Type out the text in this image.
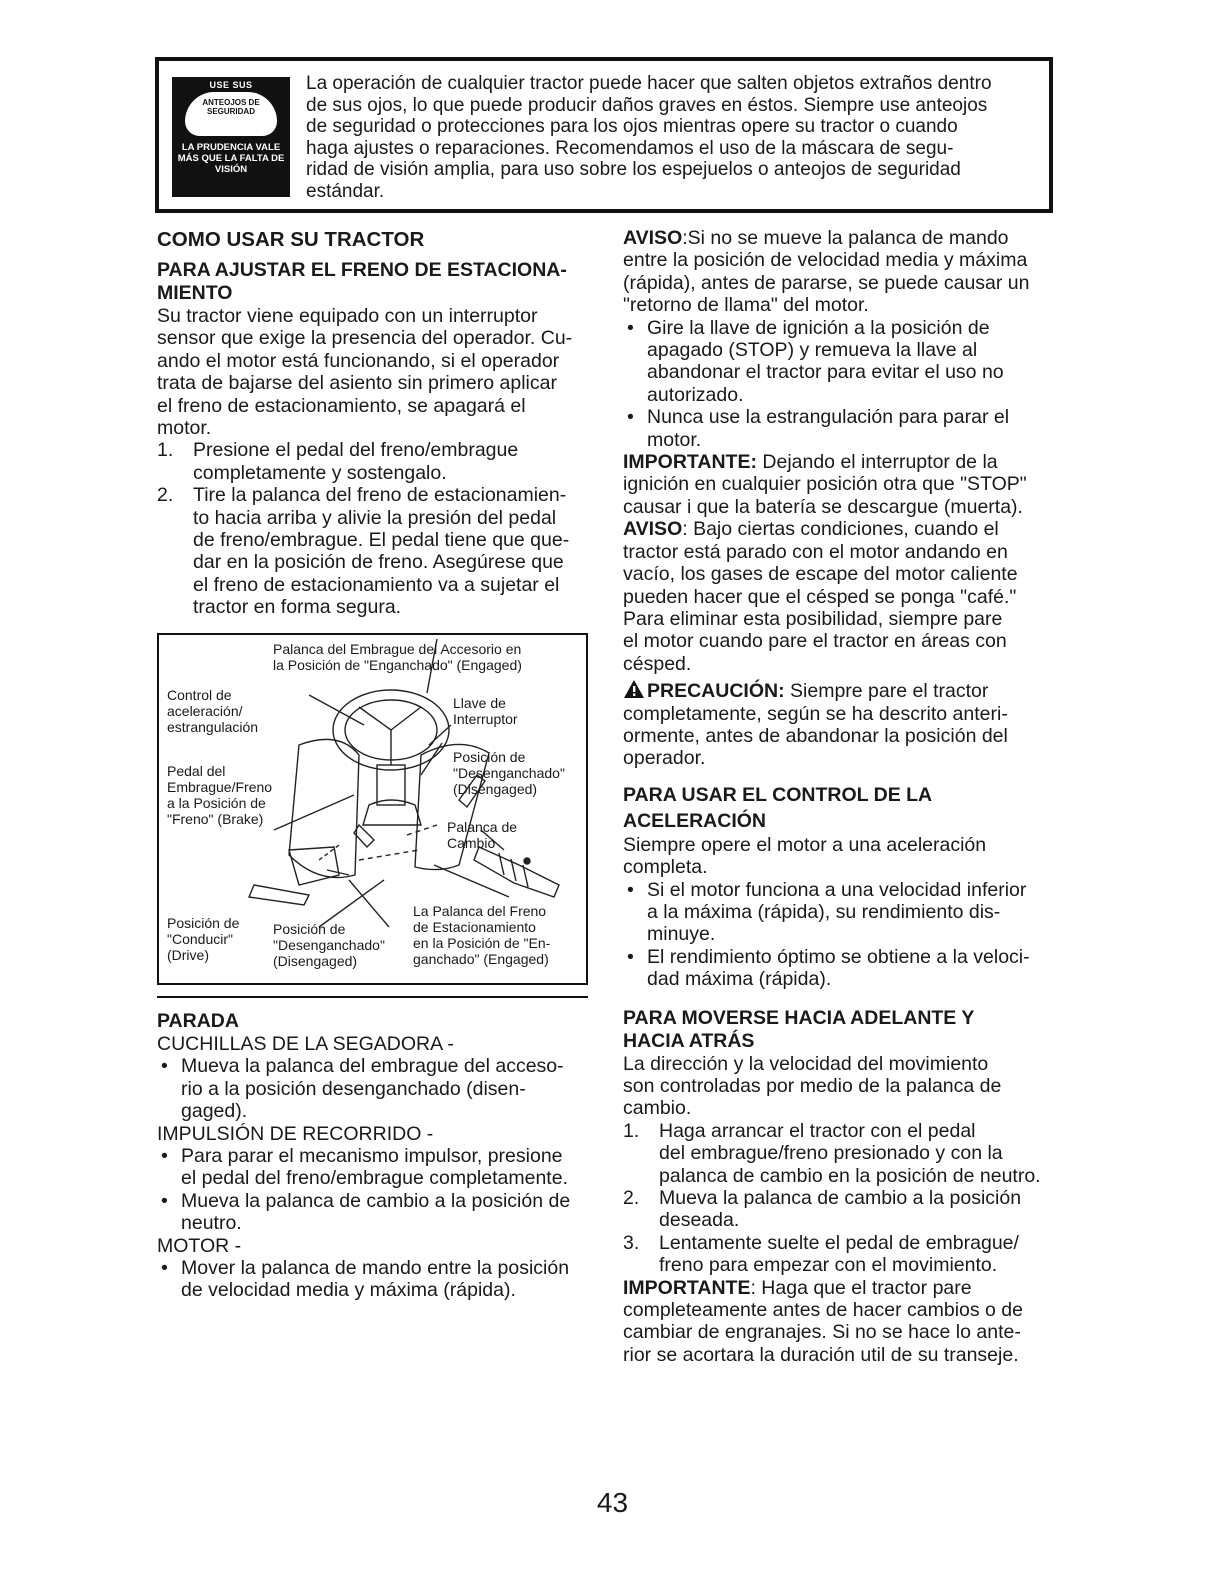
USE SUS
ANTEOJOS DE SEGURIDAD
LA PRUDENCIA VALE MÁS QUE LA FALTA DE VISIÓN
La operación de cualquier tractor puede hacer que salten objetos extraños dentro
de sus ojos, lo que puede producir daños graves en éstos. Siempre use anteojos
de seguridad o protecciones para los ojos mientras opere su tractor o cuando
haga ajustes o reparaciones. Recomendamos el uso de la máscara de segu-
ridad de visión amplia, para uso sobre los espejuelos o anteojos de seguridad
estándar.
COMO USAR SU TRACTOR
PARA AJUSTAR EL FRENO DE ESTACIONA-
MIENTO
Su tractor viene equipado con un interruptor
sensor que exige la presencia del operador. Cu-
ando el motor está funcionando, si el operador
trata de bajarse del asiento sin primero aplicar
el freno de estacionamiento, se apagará el
motor.
1. Presione el pedal del freno/embrague
completamente y sostengalo.
2. Tire la palanca del freno de estacionamien-
to hacia arriba y alivie la presión del pedal
de freno/embrague. El pedal tiene que que-
dar en la posición de freno. Asegúrese que
el freno de estacionamiento va a sujetar el
tractor en forma segura.
Palanca del Embrague del Accesorio en
la Posición de "Enganchado" (Engaged)
Control de
aceleración/
estrangulación
Llave de
Interruptor
Posición de
"Desenganchado"
(Disengaged)
Pedal del
Embrague/Freno
a la Posición de
"Freno" (Brake)	Palanca de
Cambio
La Palanca del Freno
de Estacionamiento
en la Posición de "En-
ganchado" (Engaged)
Posición de
"Conducir"
(Drive)
Posición de
"Desenganchado"
(Disengaged)
PARADA
CUCHILLAS DE LA SEGADORA -
• Mueva la palanca del embrague del acceso-
rio a la posición desenganchado (disen-
gaged).
IMPULSIÓN DE RECORRIDO -
• Para parar el mecanismo impulsor, presione
el pedal del freno/embrague completamente.
• Mueva la palanca de cambio a la posición de
neutro.
MOTOR -
• Mover la palanca de mando entre la posición
de velocidad media y máxima (rápida).
AVISO:Si no se mueve la palanca de mando
entre la posición de velocidad media y máxima
(rápida), antes de pararse, se puede causar un
"retorno de llama" del motor.
• Gire la llave de ignición a la posición de
apagado (STOP) y remueva la llave al
abandonar el tractor para evitar el uso no
autorizado.
• Nunca use la estrangulación para parar el
motor.
IMPORTANTE: Dejando el interruptor de la
ignición en cualquier posición otra que "STOP"
causar i que la batería se descargue (muerta).
AVISO: Bajo ciertas condiciones, cuando el
tractor está parado con el motor andando en
vacío, los gases de escape del motor caliente
pueden hacer que el césped se ponga "café."
Para eliminar esta posibilidad, siempre pare
el motor cuando pare el tractor en áreas con
césped.
PRECAUCIÓN: Siempre pare el tractor
completamente, según se ha descrito anteri-
ormente, antes de abandonar la posición del
operador.
PARA USAR EL CONTROL DE LA
ACELERACIÓN
Siempre opere el motor a una aceleración
completa.
• Si el motor funciona a una velocidad inferior
a la máxima (rápida), su rendimiento dis-
minuye.
• El rendimiento óptimo se obtiene a la veloci-
dad máxima (rápida).
PARA MOVERSE HACIA ADELANTE Y
HACIA ATRÁS
La dirección y la velocidad del movimiento
son controladas por medio de la palanca de
cambio.
1. Haga arrancar el tractor con el pedal
del embrague/freno presionado y con la
palanca de cambio en la posición de neutro.
2. Mueva la palanca de cambio a la posición
deseada.
3. Lentamente suelte el pedal de embrague/
freno para empezar con el movimiento.
IMPORTANTE: Haga que el tractor pare
completeamente antes de hacer cambios o de
cambiar de engranajes. Si no se hace lo ante-
rior se acortara la duración util de su transeje.
43
